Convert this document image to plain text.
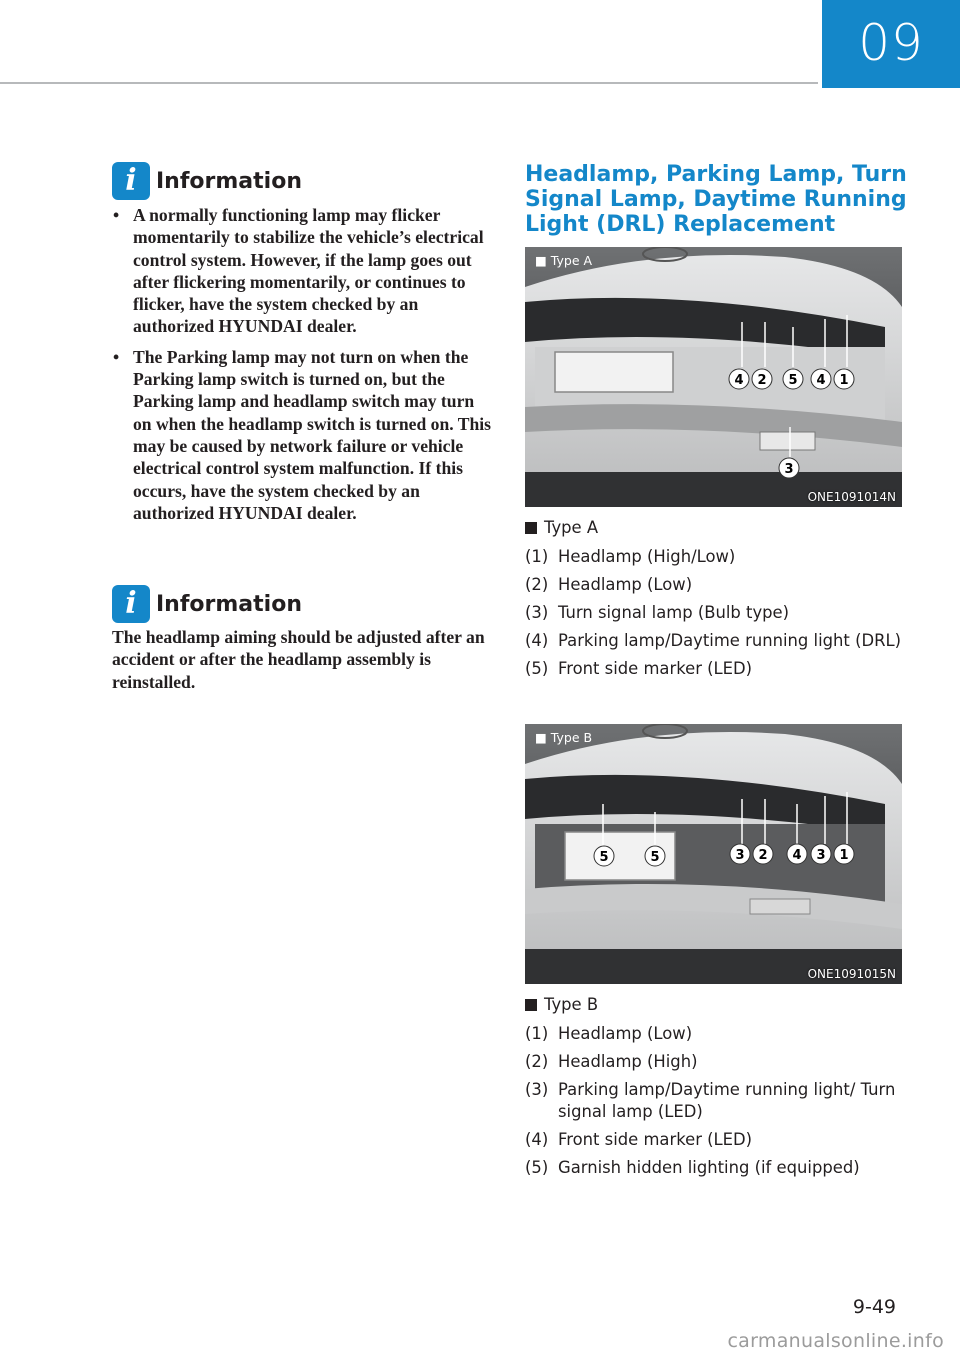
09
i Information
• A normally functioning lamp may flicker momentarily to stabilize the vehicle’s electrical control system. However, if the lamp goes out after flickering momentarily, or continues to flicker, have the system checked by an authorized HYUNDAI dealer.
• The Parking lamp may not turn on when the Parking lamp switch is turned on, but the Parking lamp and headlamp switch may turn on when the headlamp switch is turned on. This may be caused by network failure or vehicle electrical control system malfunction. If this occurs, have the system checked by an authorized HYUNDAI dealer.
i Information

The headlamp aiming should be adjusted after an accident or after the headlamp assembly is reinstalled.

Headlamp, Parking Lamp, Turn Signal Lamp, Daytime Running Light (DRL) Replacement
4 2 5 4 1
3
■ Type A
ONE1091014N
Type A
(1) Headlamp (High/Low)
(2) Headlamp (Low)
(3) Turn signal lamp (Bulb type)
(4) Parking lamp/Daytime running light (DRL)
(5) Front side marker (LED)
5	5	3 2 4 3 1
■ Type B
ONE1091015N
Type B
(1) Headlamp (Low)
(2) Headlamp (High)
(3) Parking lamp/Daytime running light/ Turn signal lamp (LED)
(4) Front side marker (LED)
(5) Garnish hidden lighting (if equipped)
9-49
carmanualsonline.info
